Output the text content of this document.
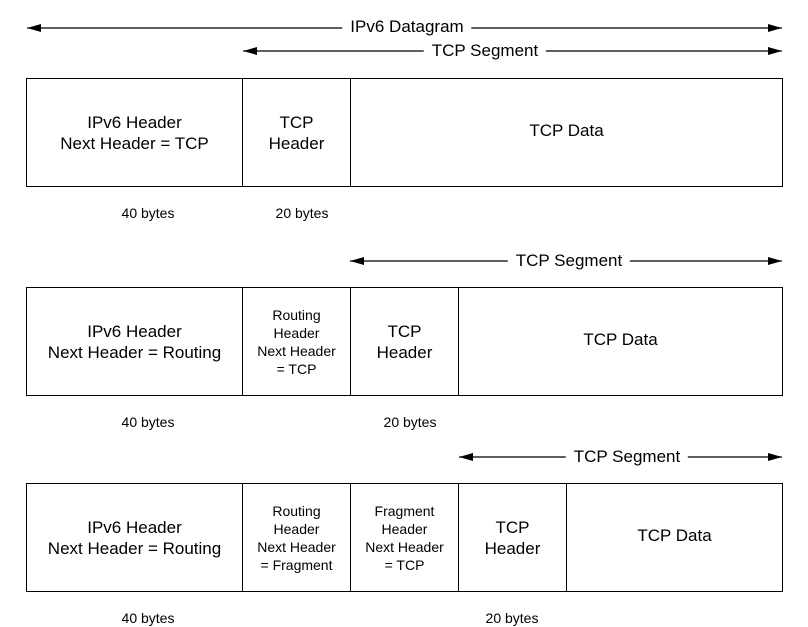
IPv6 Datagram
TCP Segment
TCP Segment
TCP Segment
IPv6 Header
Next Header = TCP
TCP
Header
TCP Data
40 bytes	20 bytes
IPv6 Header
Next Header = Routing
Routing
Header
Next Header
= TCP
TCP
Header
TCP Data
40 bytes	20 bytes
IPv6 Header
Next Header = Routing
Routing
Header
Next Header
= Fragment
Fragment
Header
Next Header
= TCP
TCP
Header
TCP Data
40 bytes	20 bytes
